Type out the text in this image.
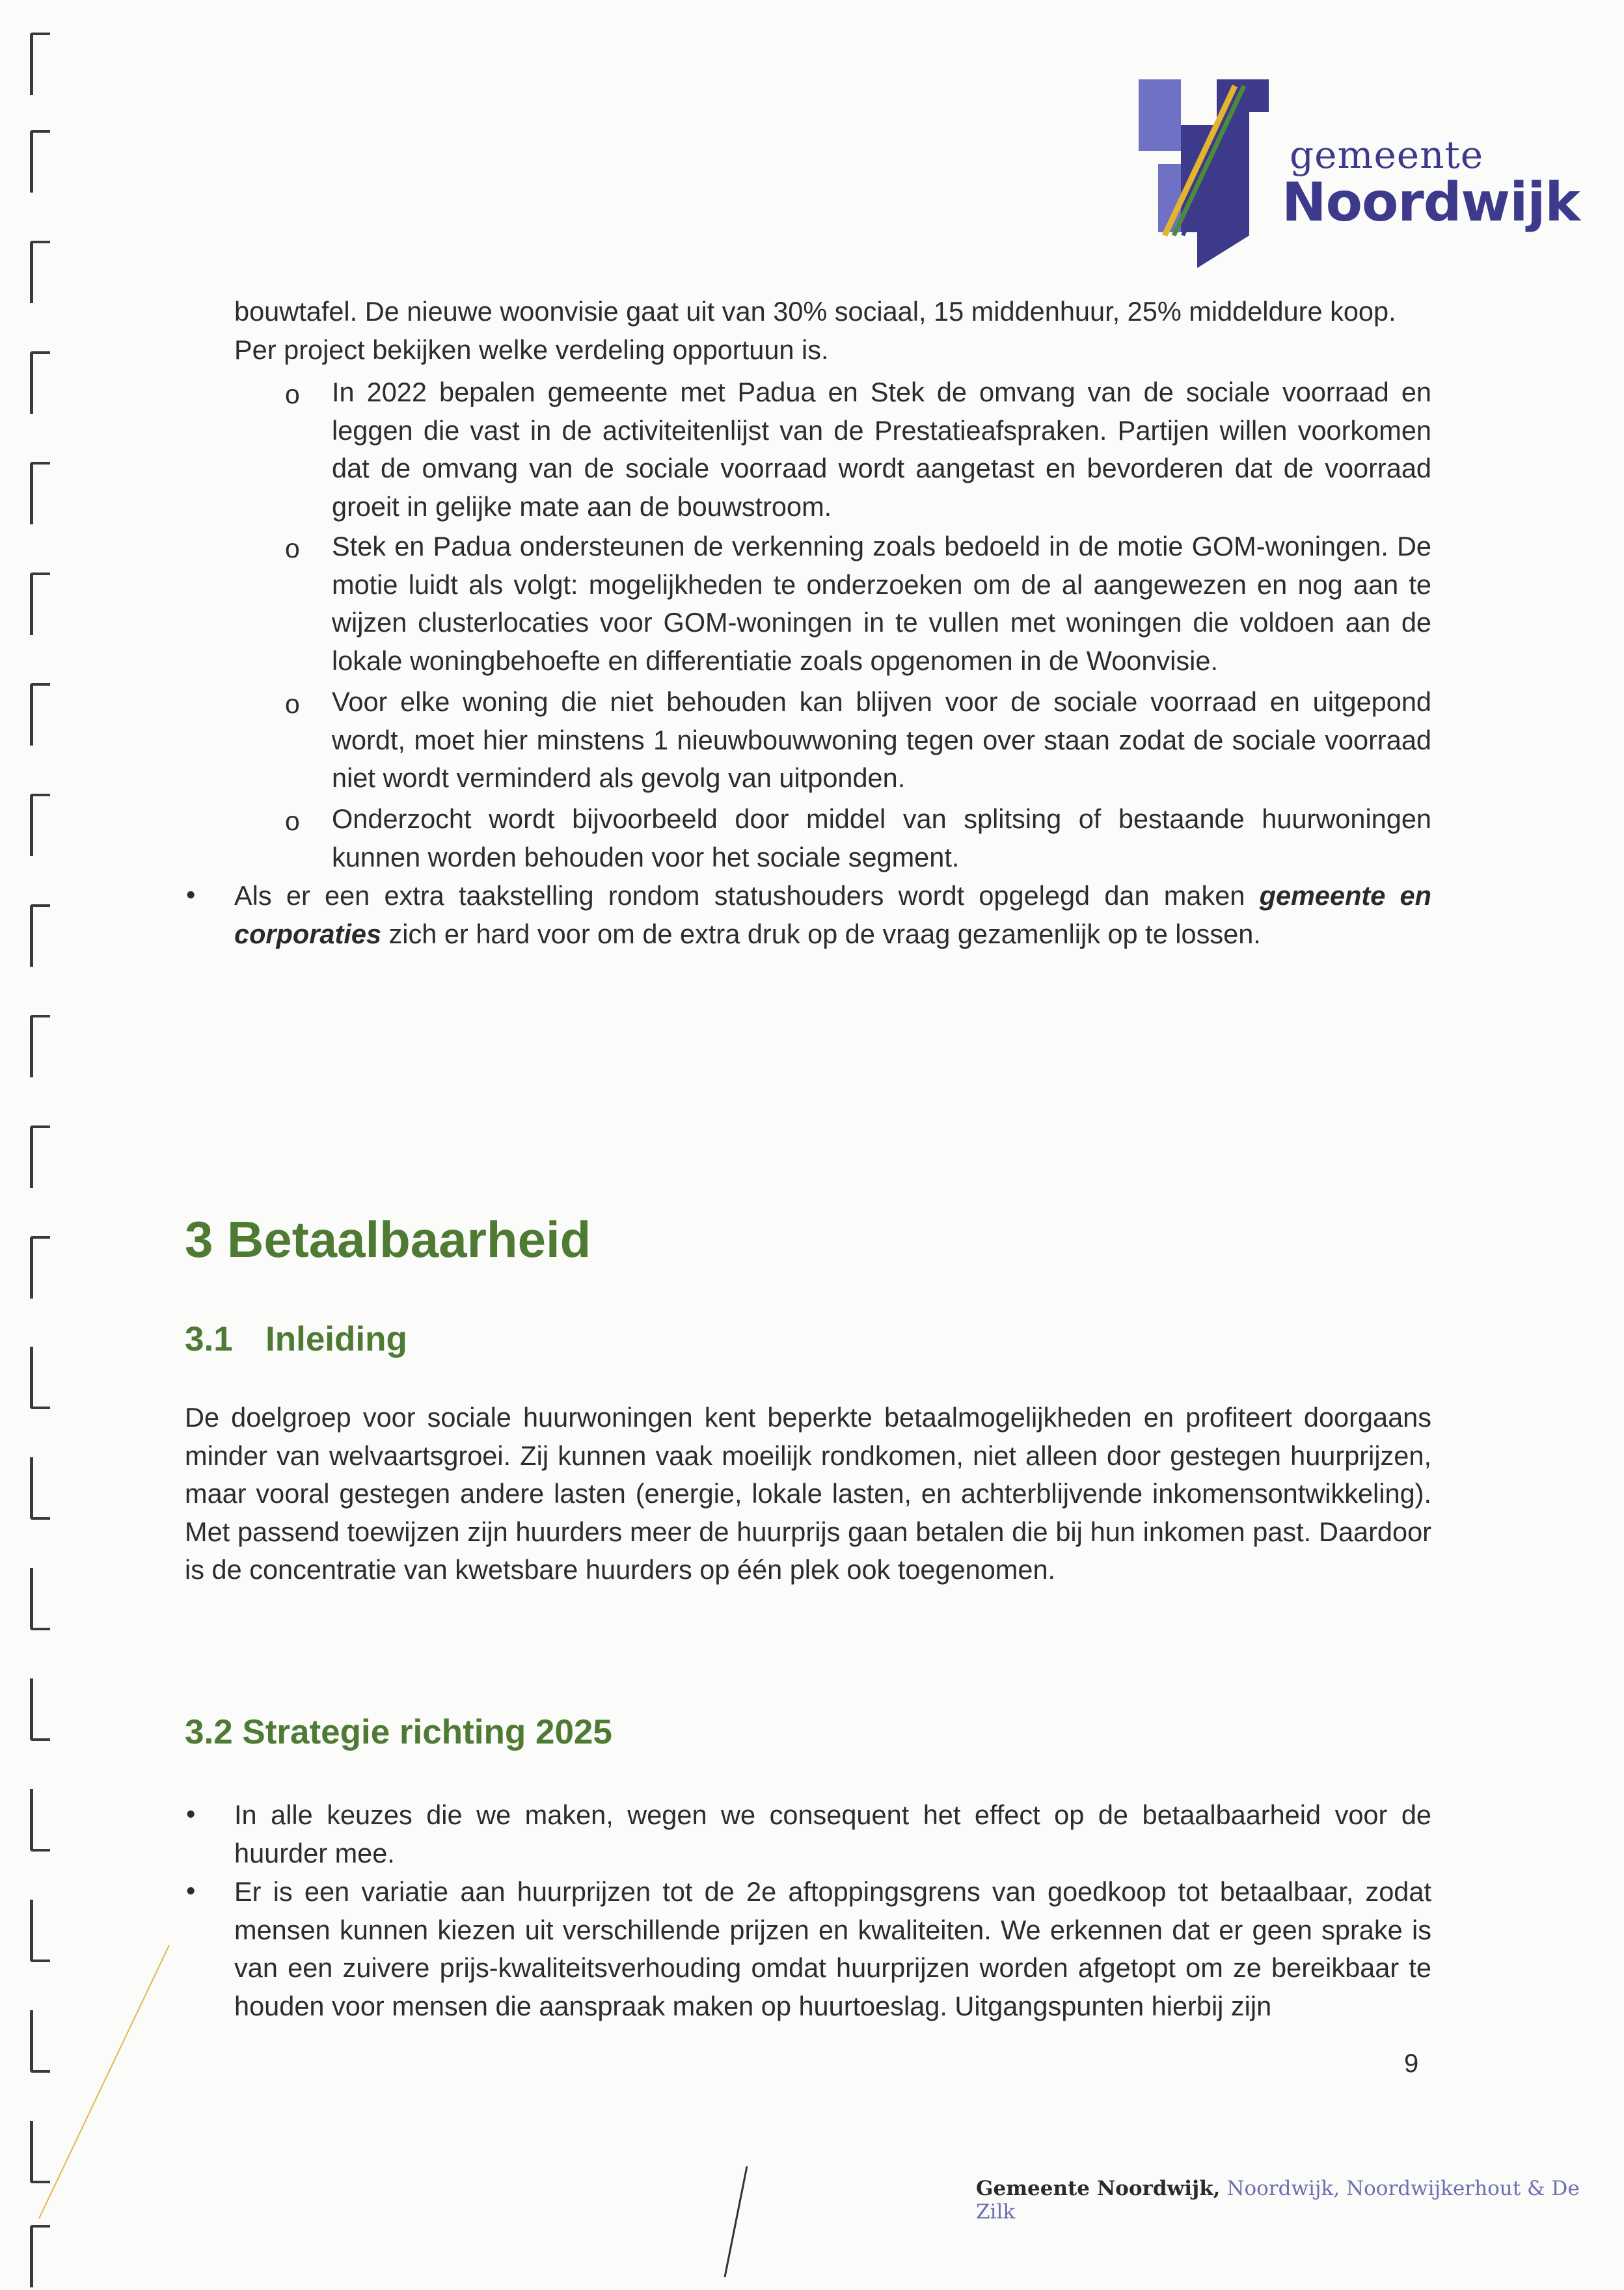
gemeente
Noordwijk
bouwtafel. De nieuwe woonvisie gaat uit van 30% sociaal, 15 middenhuur, 25% middeldure koop.
Per project bekijken welke verdeling opportuun is.
o In 2022 bepalen gemeente met Padua en Stek de omvang van de sociale voorraad en leggen die vast in de activiteitenlijst van de Prestatieafspraken. Partijen willen voorkomen dat de omvang van de sociale voorraad wordt aangetast en bevorderen dat de voorraad groeit in gelijke mate aan de bouwstroom.
o Stek en Padua ondersteunen de verkenning zoals bedoeld in de motie GOM-woningen. De motie luidt als volgt: mogelijkheden te onderzoeken om de al aangewezen en nog aan te wijzen clusterlocaties voor GOM-woningen in te vullen met woningen die voldoen aan de lokale woningbehoefte en differentiatie zoals opgenomen in de Woonvisie.
o Voor elke woning die niet behouden kan blijven voor de sociale voorraad en uitgepond wordt, moet hier minstens 1 nieuwbouwwoning tegen over staan zodat de sociale voorraad niet wordt verminderd als gevolg van uitponden.
o Onderzocht wordt bijvoorbeeld door middel van splitsing of bestaande huurwoningen kunnen worden behouden voor het sociale segment.
• Als er een extra taakstelling rondom statushouders wordt opgelegd dan maken gemeente en corporaties zich er hard voor om de extra druk op de vraag gezamenlijk op te lossen.
3 Betaalbaarheid
3.1 Inleiding
De doelgroep voor sociale huurwoningen kent beperkte betaalmogelijkheden en profiteert doorgaans minder van welvaartsgroei. Zij kunnen vaak moeilijk rondkomen, niet alleen door gestegen huurprijzen, maar vooral gestegen andere lasten (energie, lokale lasten, en achterblijvende inkomensontwikkeling). Met passend toewijzen zijn huurders meer de huurprijs gaan betalen die bij hun inkomen past. Daardoor is de concentratie van kwetsbare huurders op één plek ook toegenomen.
3.2 Strategie richting 2025
• In alle keuzes die we maken, wegen we consequent het effect op de betaalbaarheid voor de huurder mee.
• Er is een variatie aan huurprijzen tot de 2e aftoppingsgrens van goedkoop tot betaalbaar, zodat mensen kunnen kiezen uit verschillende prijzen en kwaliteiten. We erkennen dat er geen sprake is van een zuivere prijs-kwaliteitsverhouding omdat huurprijzen worden afgetopt om ze bereikbaar te houden voor mensen die aanspraak maken op huurtoeslag. Uitgangspunten hierbij zijn
9
Gemeente Noordwijk, Noordwijk, Noordwijkerhout & De Zilk
